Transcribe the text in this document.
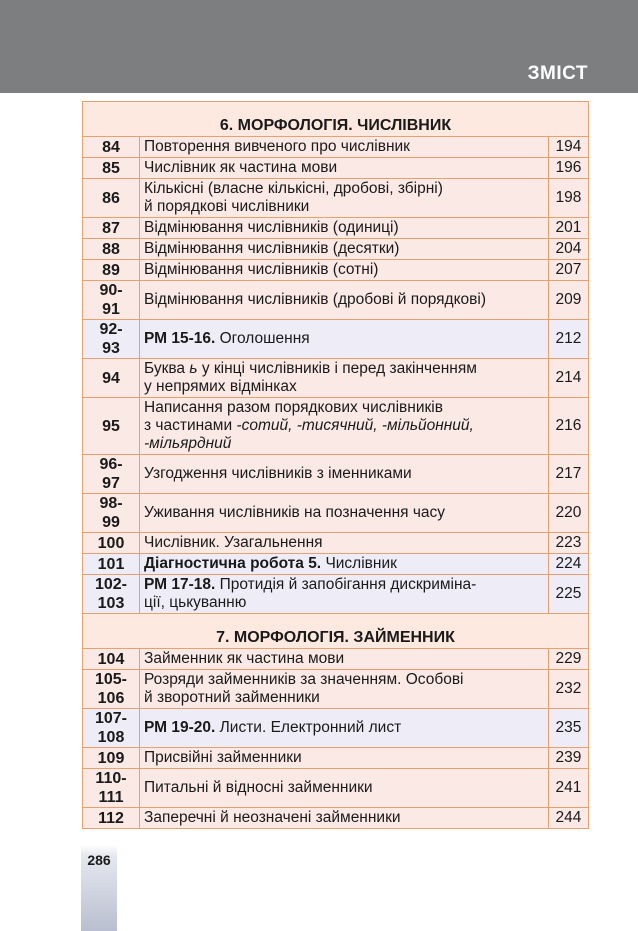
ЗМІСТ
6. МОРФОЛОГІЯ. ЧИСЛІВНИК		
84	Повторення вивченого про числівник	194
85	Числівник як частина мови	196
86	Кількісні (власне кількісні, дробові, збірні)
й порядкові числівники	198
87	Відмінювання числівників (одиниці)	201
88	Відмінювання числівників (десятки)	204
89	Відмінювання числівників (сотні)	207
90-
91	Відмінювання числівників (дробові й порядкові)	209
92-
93	РМ 15-16. Оголошення	212
94	Буква ь у кінці числівників і перед закінченням
у непрямих відмінках	214
95	Написання разом порядкових числівників
з частинами -сотий, -тисячний, -мільйонний,
-мільярдний	216
96-
97	Узгодження числівників з іменниками	217
98-
99	Уживання числівників на позначення часу	220
100	Числівник. Узагальнення	223
101	Діагностична робота 5. Числівник	224
102-
103	РМ 17-18. Протидія й запобігання дискриміна-
ції, цькуванню	225
7. МОРФОЛОГІЯ. ЗАЙМЕННИК		
104	Займенник як частина мови	229
105-
106	Розряди займенників за значенням. Особові
й зворотний займенники	232
107-
108	РМ 19-20. Листи. Електронний лист	235
109	Присвійні займенники	239
110-
111	Питальні й відносні займенники	241
112	Заперечні й неозначені займенники	244
286
